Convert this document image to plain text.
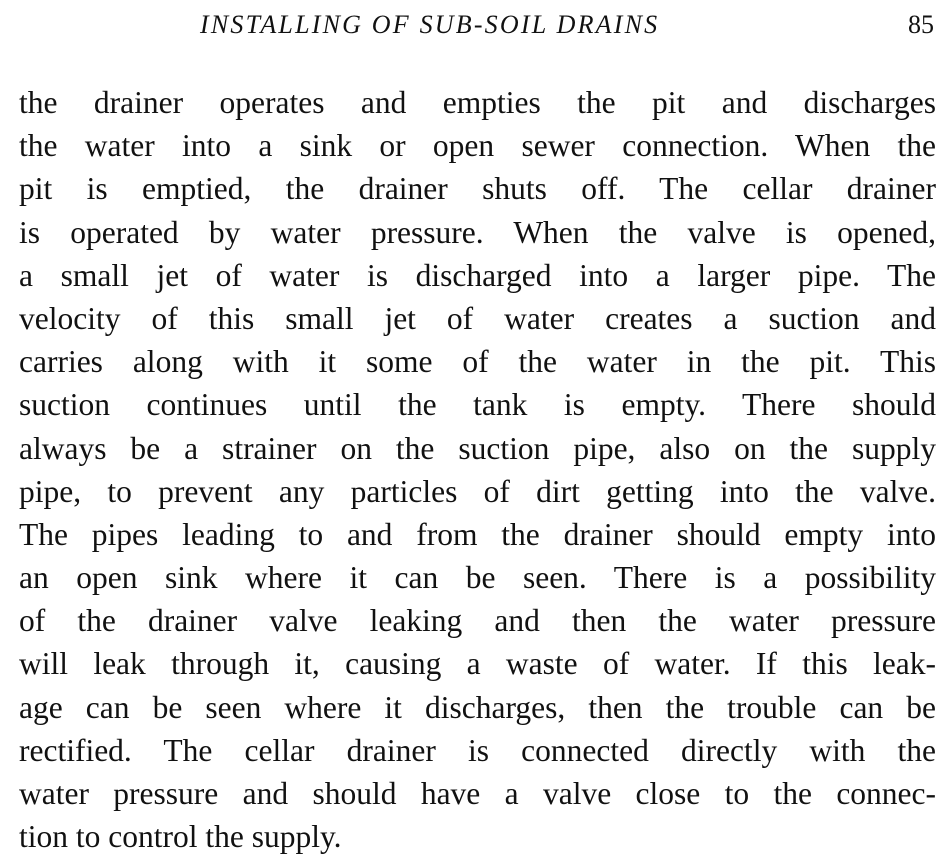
INSTALLING OF SUB-SOIL DRAINS	85
the drainer operates and empties the pit and discharges
the water into a sink or open sewer connection. When the
pit is emptied, the drainer shuts off. The cellar drainer
is operated by water pressure. When the valve is opened,
a small jet of water is discharged into a larger pipe. The
velocity of this small jet of water creates a suction and
carries along with it some of the water in the pit. This
suction continues until the tank is empty. There should
always be a strainer on the suction pipe, also on the supply
pipe, to prevent any particles of dirt getting into the valve.
The pipes leading to and from the drainer should empty into
an open sink where it can be seen. There is a possibility
of the drainer valve leaking and then the water pressure
will leak through it, causing a waste of water. If this leak-
age can be seen where it discharges, then the trouble can be
rectified. The cellar drainer is connected directly with the
water pressure and should have a valve close to the connec-
tion to control the supply.
